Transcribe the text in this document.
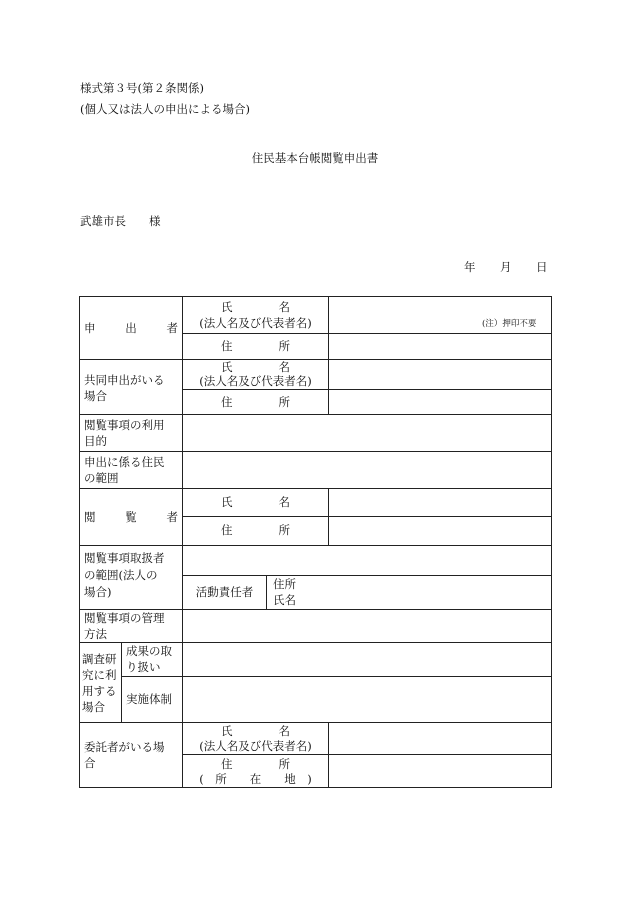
様式第３号(第２条関係)
(個人又は法人の申出による場合)
住民基本台帳閲覧申出書
武雄市長　　様
年 月 日
申　　出　　者
氏　　　　名
(法人名及び代表者名)	(注）押印不要
住　　　　所
共同申出がいる
場合
氏　　　　名
(法人名及び代表者名)
住　　　　所
閲覧事項の利用
目的
申出に係る住民
の範囲
閲　　覧　　者
氏　　　　名
住　　　　所
閲覧事項取扱者
の範囲(法人の
場合)	活動責任者
住所
氏名
閲覧事項の管理
方法
調査研
究に利
用する
場合
成果の取
り扱い
実施体制
委託者がいる場
合
氏　　　　名
(法人名及び代表者名)
住　　　　所
(　所　　在　　地　)
